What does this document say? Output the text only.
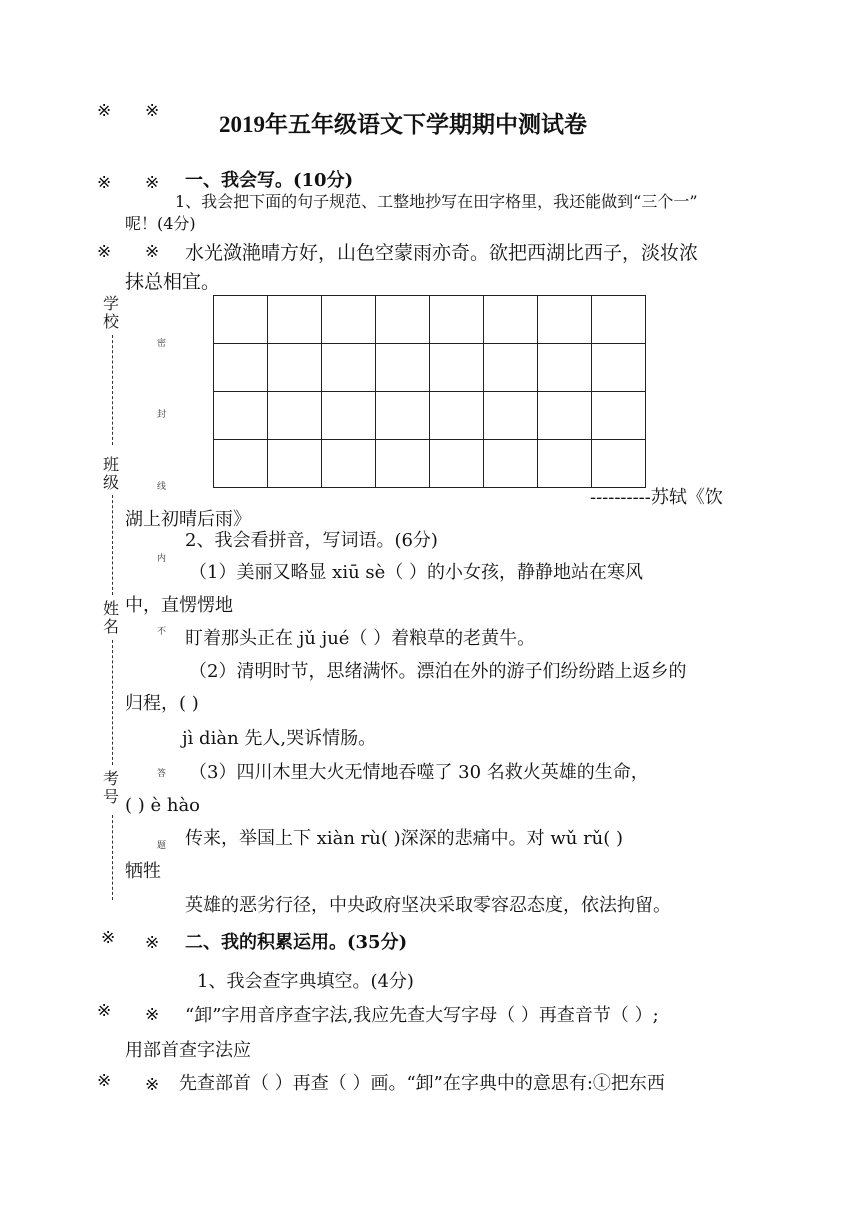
※ ※
※ ※
※ ※
※ ※
※ ※
※ ※
2019年五年级语文下学期期中测试卷
学校
班级
姓名
考号
密
封
线
内
不
答
题
一、我会写。(10分)
1、我会把下面的句子规范、工整地抄写在田字格里，我还能做到“三个一”
呢！(4分)
水光潋滟晴方好，山色空蒙雨亦奇。欲把西湖比西子，淡妆浓
抹总相宜。

----------苏轼《饮
湖上初晴后雨》
2、我会看拼音，写词语。(6分)
（1）美丽又略显 xiū sè（ ）的小女孩，静静地站在寒风
中，直愣愣地
盯着那头正在 jǔ jué（ ）着粮草的老黄牛。
（2）清明时节，思绪满怀。漂泊在外的游子们纷纷踏上返乡的
归程，( )
jì diàn 先人,哭诉情肠。
（3）四川木里大火无情地吞噬了 30 名救火英雄的生命，
( ) è hào
传来，举国上下 xiàn rù( )深深的悲痛中。对 wǔ rǔ( )
牺牲
英雄的恶劣行径，中央政府坚决采取零容忍态度，依法拘留。
二、我的积累运用。(35分)
1、我会查字典填空。(4分)
“卸”字用音序查字法,我应先查大写字母（ ）再查音节（ ）;
用部首查字法应
先查部首（ ）再查（ ）画。“卸”在字典中的意思有:①把东西
